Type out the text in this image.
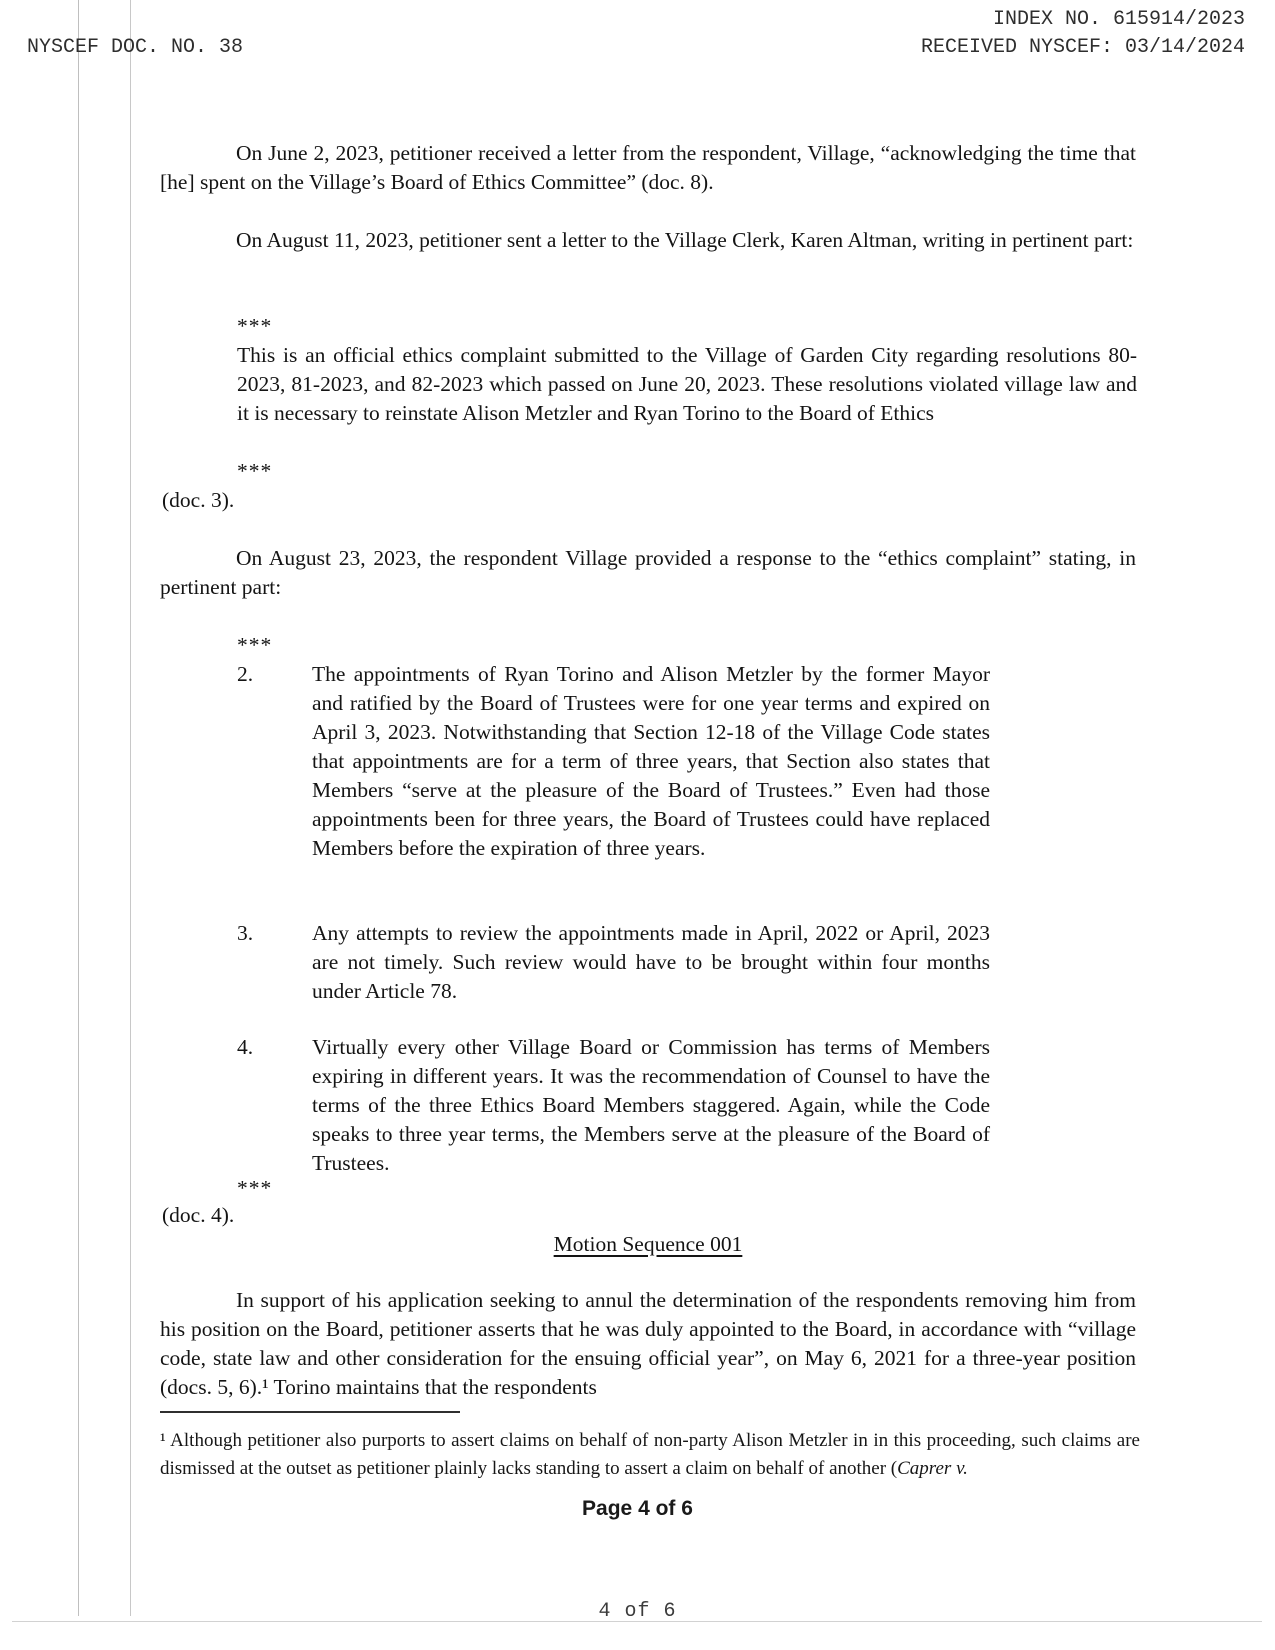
INDEX NO. 615914/2023
NYSCEF DOC. NO. 38	RECEIVED NYSCEF: 03/14/2024
On June 2, 2023, petitioner received a letter from the respondent, Village, “acknowledging the time that [he] spent on the Village’s Board of Ethics Committee” (doc. 8).
On August 11, 2023, petitioner sent a letter to the Village Clerk, Karen Altman, writing in pertinent part:
***
This is an official ethics complaint submitted to the Village of Garden City regarding resolutions 80-2023, 81-2023, and 82-2023 which passed on June 20, 2023. These resolutions violated village law and it is necessary to reinstate Alison Metzler and Ryan Torino to the Board of Ethics
***
(doc. 3).
On August 23, 2023, the respondent Village provided a response to the “ethics complaint” stating, in pertinent part:
***
2.	The appointments of Ryan Torino and Alison Metzler by the former Mayor and ratified by the Board of Trustees were for one year terms and expired on April 3, 2023. Notwithstanding that Section 12-18 of the Village Code states that appointments are for a term of three years, that Section also states that Members “serve at the pleasure of the Board of Trustees.” Even had those appointments been for three years, the Board of Trustees could have replaced Members before the expiration of three years.
3.	Any attempts to review the appointments made in April, 2022 or April, 2023 are not timely. Such review would have to be brought within four months under Article 78.
4.	Virtually every other Village Board or Commission has terms of Members expiring in different years. It was the recommendation of Counsel to have the terms of the three Ethics Board Members staggered. Again, while the Code speaks to three year terms, the Members serve at the pleasure of the Board of Trustees.
***
(doc. 4).
Motion Sequence 001
In support of his application seeking to annul the determination of the respondents removing him from his position on the Board, petitioner asserts that he was duly appointed to the Board, in accordance with “village code, state law and other consideration for the ensuing official year”, on May 6, 2021 for a three-year position (docs. 5, 6).¹ Torino maintains that the respondents
¹ Although petitioner also purports to assert claims on behalf of non-party Alison Metzler in in this proceeding, such claims are dismissed at the outset as petitioner plainly lacks standing to assert a claim on behalf of another (Caprer v.
Page 4 of 6
4 of 6
